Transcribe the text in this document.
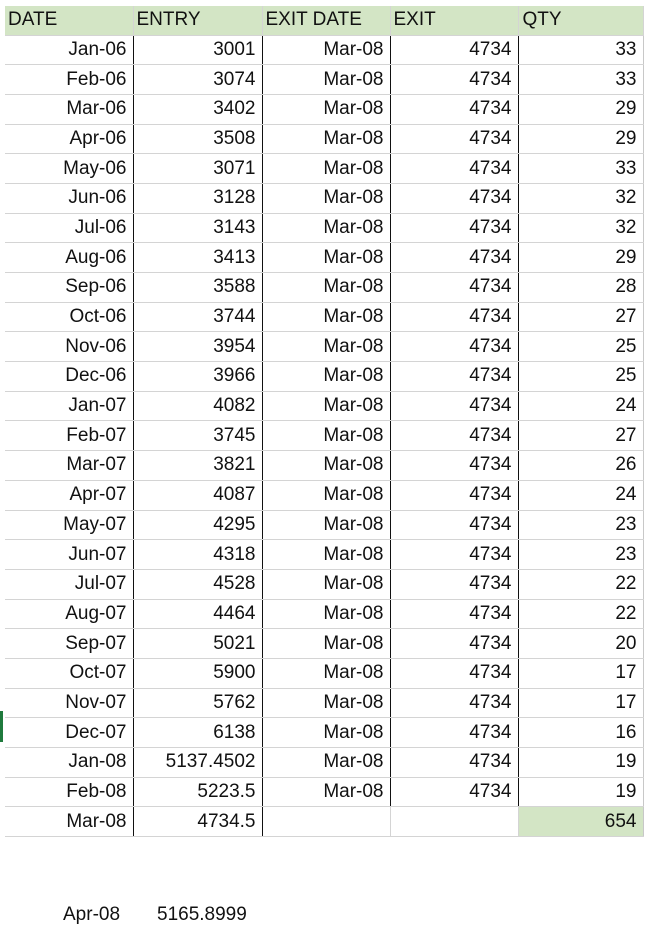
DATE	ENTRY	EXIT DATE	EXIT	QTY
Jan-06	3001	Mar-08	4734	33
Feb-06	3074	Mar-08	4734	33
Mar-06	3402	Mar-08	4734	29
Apr-06	3508	Mar-08	4734	29
May-06	3071	Mar-08	4734	33
Jun-06	3128	Mar-08	4734	32
Jul-06	3143	Mar-08	4734	32
Aug-06	3413	Mar-08	4734	29
Sep-06	3588	Mar-08	4734	28
Oct-06	3744	Mar-08	4734	27
Nov-06	3954	Mar-08	4734	25
Dec-06	3966	Mar-08	4734	25
Jan-07	4082	Mar-08	4734	24
Feb-07	3745	Mar-08	4734	27
Mar-07	3821	Mar-08	4734	26
Apr-07	4087	Mar-08	4734	24
May-07	4295	Mar-08	4734	23
Jun-07	4318	Mar-08	4734	23
Jul-07	4528	Mar-08	4734	22
Aug-07	4464	Mar-08	4734	22
Sep-07	5021	Mar-08	4734	20
Oct-07	5900	Mar-08	4734	17
Nov-07	5762	Mar-08	4734	17
Dec-07	6138	Mar-08	4734	16
Jan-08	5137.4502	Mar-08	4734	19
Feb-08	5223.5	Mar-08	4734	19
Mar-08	4734.5			654
Apr-08 5165.8999
